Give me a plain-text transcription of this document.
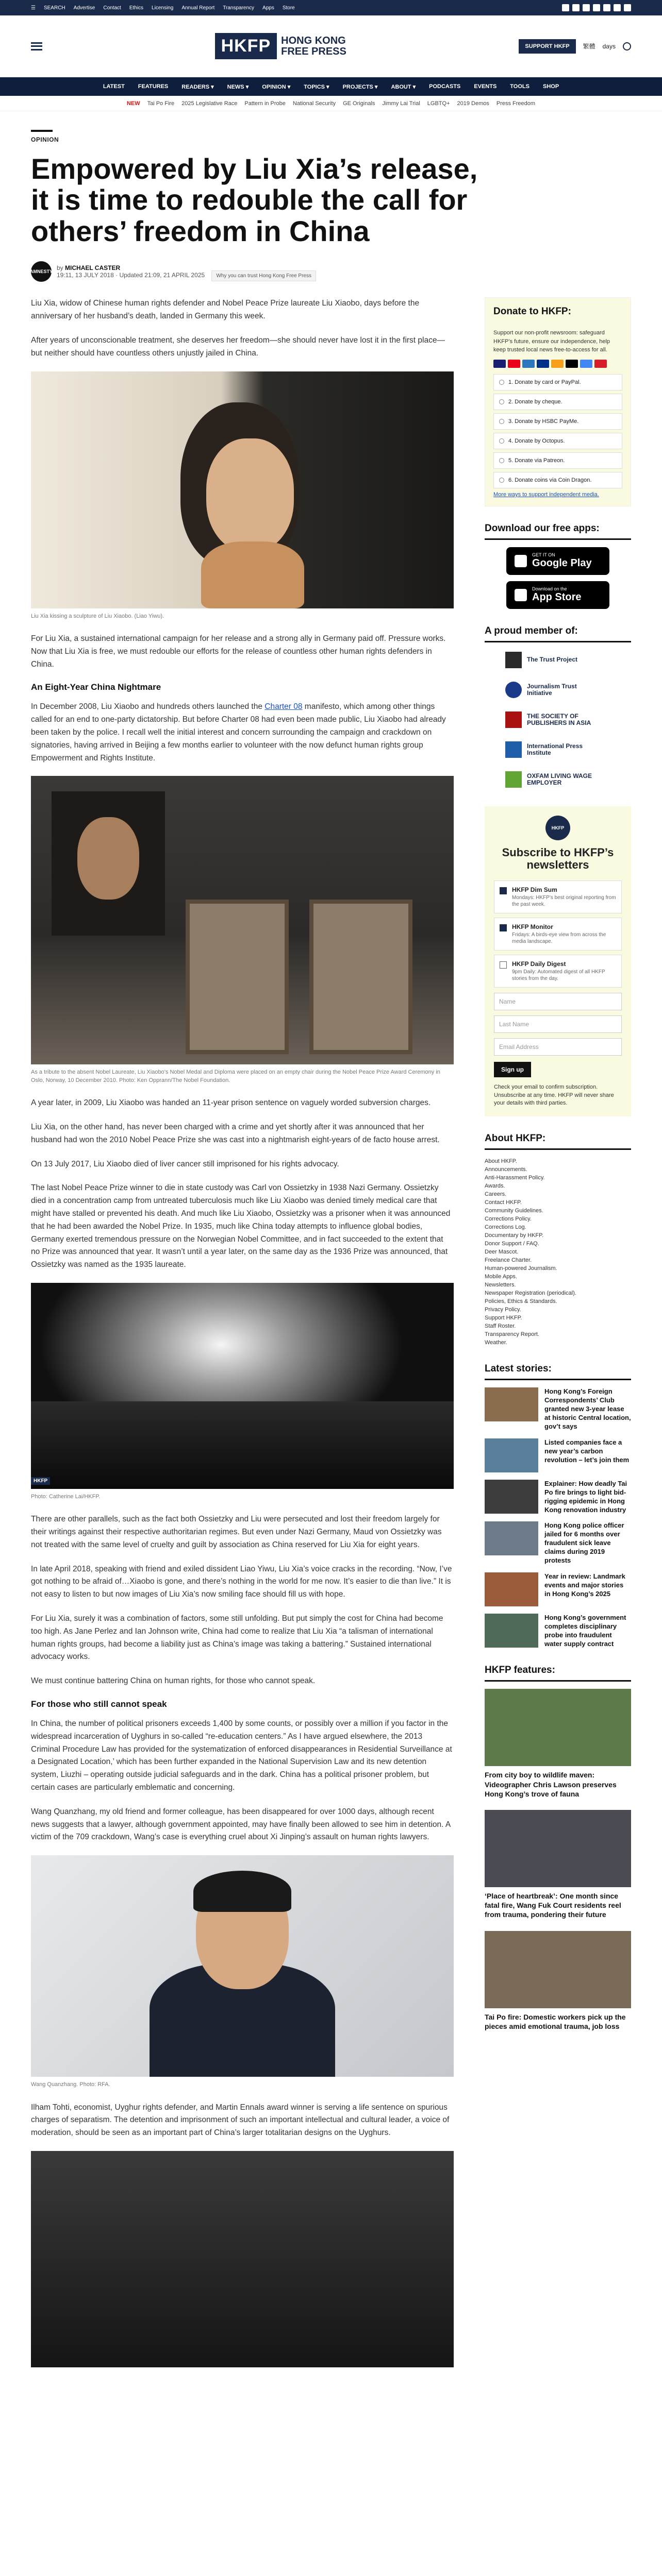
☰ SEARCH Advertise Contact Ethics Licensing Annual Report Transparency Apps Store
HKFP	HONG KONG
FREE PRESS	SUPPORT HKFP	繁體 days
LATEST FEATURES READERS ▾ NEWS ▾ OPINION ▾ TOPICS ▾ PROJECTS ▾ ABOUT ▾ PODCASTS EVENTS TOOLS SHOP
NEW Tai Po Fire 2025 Legislative Race Pattern in Probe National Security GE Originals Jimmy Lai Trial LGBTQ+ 2019 Demos Press Freedom
OPINION
Empowered by Liu Xia’s release, it is time to redouble the call for others’ freedom in China
AMNESTY by MICHAEL CASTER
19:11, 13 JULY 2018 · Updated 21:09, 21 APRIL 2025 Why you can trust Hong Kong Free Press

Liu Xia, widow of Chinese human rights defender and Nobel Peace Prize laureate Liu Xiaobo, days before the anniversary of her husband’s death, landed in Germany this week.

After years of unconscionable treatment, she deserves her freedom—she should never have lost it in the first place—but neither should have countless others unjustly jailed in China.

Liu Xia kissing a sculpture of Liu Xiaobo. (Liao Yiwu).

For Liu Xia, a sustained international campaign for her release and a strong ally in Germany paid off. Pressure works. Now that Liu Xia is free, we must redouble our efforts for the release of countless other human rights defenders in China.

An Eight-Year China Nightmare

In December 2008, Liu Xiaobo and hundreds others launched the Charter 08 manifesto, which among other things called for an end to one-party dictatorship. But before Charter 08 had even been made public, Liu Xiaobo had already been taken by the police. I recall well the initial interest and concern surrounding the campaign and crackdown on signatories, having arrived in Beijing a few months earlier to volunteer with the now defunct human rights group Empowerment and Rights Institute.

As a tribute to the absent Nobel Laureate, Liu Xiaobo’s Nobel Medal and Diploma were placed on an empty chair during the Nobel Peace Prize Award Ceremony in Oslo, Norway, 10 December 2010. Photo: Ken Opprann/The Nobel Foundation.

A year later, in 2009, Liu Xiaobo was handed an 11-year prison sentence on vaguely worded subversion charges.

Liu Xia, on the other hand, has never been charged with a crime and yet shortly after it was announced that her husband had won the 2010 Nobel Peace Prize she was cast into a nightmarish eight-years of de facto house arrest.

On 13 July 2017, Liu Xiaobo died of liver cancer still imprisoned for his rights advocacy.

The last Nobel Peace Prize winner to die in state custody was Carl von Ossietzky in 1938 Nazi Germany. Ossietzky died in a concentration camp from untreated tuberculosis much like Liu Xiaobo was denied timely medical care that might have stalled or prevented his death. And much like Liu Xiaobo, Ossietzky was a prisoner when it was announced that he had been awarded the Nobel Prize. In 1935, much like China today attempts to influence global bodies, Germany exerted tremendous pressure on the Norwegian Nobel Committee, and in fact succeeded to the extent that no Prize was announced that year. It wasn’t until a year later, on the same day as the 1936 Prize was announced, that Ossietzky was named as the 1935 laureate.

HKFP
Photo: Catherine Lai/HKFP.

There are other parallels, such as the fact both Ossietzky and Liu were persecuted and lost their freedom largely for their writings against their respective authoritarian regimes. But even under Nazi Germany, Maud von Ossietzky was not treated with the same level of cruelty and guilt by association as China reserved for Liu Xia for eight years.

In late April 2018, speaking with friend and exiled dissident Liao Yiwu, Liu Xia’s voice cracks in the recording. “Now, I’ve got nothing to be afraid of…Xiaobo is gone, and there’s nothing in the world for me now. It’s easier to die than live.” It is not easy to listen to but now images of Liu Xia’s now smiling face should fill us with hope.

For Liu Xia, surely it was a combination of factors, some still unfolding. But put simply the cost for China had become too high. As Jane Perlez and Ian Johnson write, China had come to realize that Liu Xia “a talisman of international human rights groups, had become a liability just as China’s image was taking a battering.” Sustained international advocacy works.

We must continue battering China on human rights, for those who cannot speak.

For those who still cannot speak

In China, the number of political prisoners exceeds 1,400 by some counts, or possibly over a million if you factor in the widespread incarceration of Uyghurs in so-called “re-education centers.” As I have argued elsewhere, the 2013 Criminal Procedure Law has provided for the systematization of enforced disappearances in Residential Surveillance at a Designated Location,’ which has been further expanded in the National Supervision Law and its new detention system, Liuzhi – operating outside judicial safeguards and in the dark. China has a political prisoner problem, but certain cases are particularly emblematic and concerning.

Wang Quanzhang, my old friend and former colleague, has been disappeared for over 1000 days, although recent news suggests that a lawyer, although government appointed, may have finally been allowed to see him in detention. A victim of the 709 crackdown, Wang’s case is everything cruel about Xi Jinping’s assault on human rights lawyers.

Wang Quanzhang. Photo: RFA.

Ilham Tohti, economist, Uyghur rights defender, and Martin Ennals award winner is serving a life sentence on spurious charges of separatism. The detention and imprisonment of such an important intellectual and cultural leader, a voice of moderation, should be seen as an important part of China’s larger totalitarian designs on the Uyghurs.

Donate to HKFP:

Support our non-profit newsroom: safeguard HKFP’s future, ensure our independence, help keep trusted local news free-to-access for all.

1. Donate by card or PayPal.
2. Donate by cheque.
3. Donate by HSBC PayMe.
4. Donate by Octopus.
5. Donate via Patreon.
6. Donate coins via Coin Dragon.
More ways to support independent media.
Download our free apps:
GET IT ON
Google Play
Download on the
App Store
A proud member of:
The Trust Project
Journalism Trust Initiative
THE SOCIETY OF PUBLISHERS IN ASIA
International Press Institute
OXFAM LIVING WAGE EMPLOYER
HKFP
Subscribe to HKFP’s newsletters
HKFP Dim Sum
Mondays: HKFP’s best original reporting from the past week.
HKFP Monitor
Fridays: A birds-eye view from across the media landscape.
HKFP Daily Digest
9pm Daily: Automated digest of all HKFP stories from the day.
Name
Last Name
Email Address
Sign up
Check your email to confirm subscription. Unsubscribe at any time. HKFP will never share your details with third parties.
About HKFP:
About HKFP.
Announcements.
Anti-Harassment Policy.
Awards.
Careers.
Contact HKFP.
Community Guidelines.
Corrections Policy.
Corrections Log.
Documentary by HKFP.
Donor Support / FAQ.
Deer Mascot.
Freelance Charter.
Human-powered Journalism.
Mobile Apps.
Newsletters.
Newspaper Registration (periodical).
Policies, Ethics & Standards.
Privacy Policy.
Support HKFP.
Staff Roster.
Transparency Report.
Weather.
Latest stories:
Hong Kong’s Foreign Correspondents’ Club granted new 3-year lease at historic Central location, gov’t says
Listed companies face a new year’s carbon revolution – let’s join them
Explainer: How deadly Tai Po fire brings to light bid-rigging epidemic in Hong Kong renovation industry
Hong Kong police officer jailed for 6 months over fraudulent sick leave claims during 2019 protests
Year in review: Landmark events and major stories in Hong Kong’s 2025
Hong Kong’s government completes disciplinary probe into fraudulent water supply contract
HKFP features:
From city boy to wildlife maven: Videographer Chris Lawson preserves Hong Kong’s trove of fauna
‘Place of heartbreak’: One month since fatal fire, Wang Fuk Court residents reel from trauma, pondering their future
Tai Po fire: Domestic workers pick up the pieces amid emotional trauma, job loss
